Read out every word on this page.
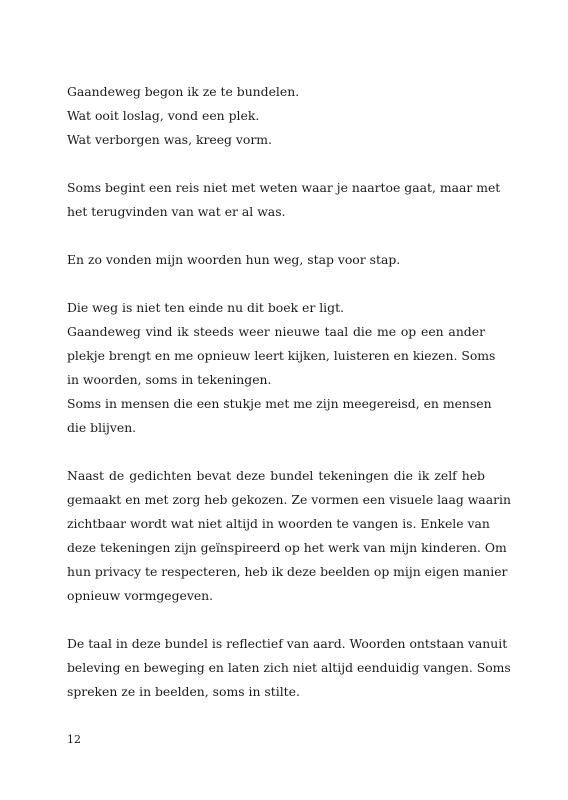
Gaandeweg begon ik ze te bundelen.
Wat ooit loslag, vond een plek.
Wat verborgen was, kreeg vorm.

Soms begint een reis niet met weten waar je naartoe gaat, maar met
het terugvinden van wat er al was.

En zo vonden mijn woorden hun weg, stap voor stap.

Die weg is niet ten einde nu dit boek er ligt.
Gaandeweg vind ik steeds weer nieuwe taal die me op een ander
plekje brengt en me opnieuw leert kijken, luisteren en kiezen. Soms
in woorden, soms in tekeningen.
Soms in mensen die een stukje met me zijn meegereisd, en mensen
die blijven.

Naast de gedichten bevat deze bundel tekeningen die ik zelf heb
gemaakt en met zorg heb gekozen. Ze vormen een visuele laag waarin
zichtbaar wordt wat niet altijd in woorden te vangen is. Enkele van
deze tekeningen zijn geïnspireerd op het werk van mijn kinderen. Om
hun privacy te respecteren, heb ik deze beelden op mijn eigen manier
opnieuw vormgegeven.

De taal in deze bundel is reflectief van aard. Woorden ontstaan vanuit
beleving en beweging en laten zich niet altijd eenduidig vangen. Soms
spreken ze in beelden, soms in stilte.

12
